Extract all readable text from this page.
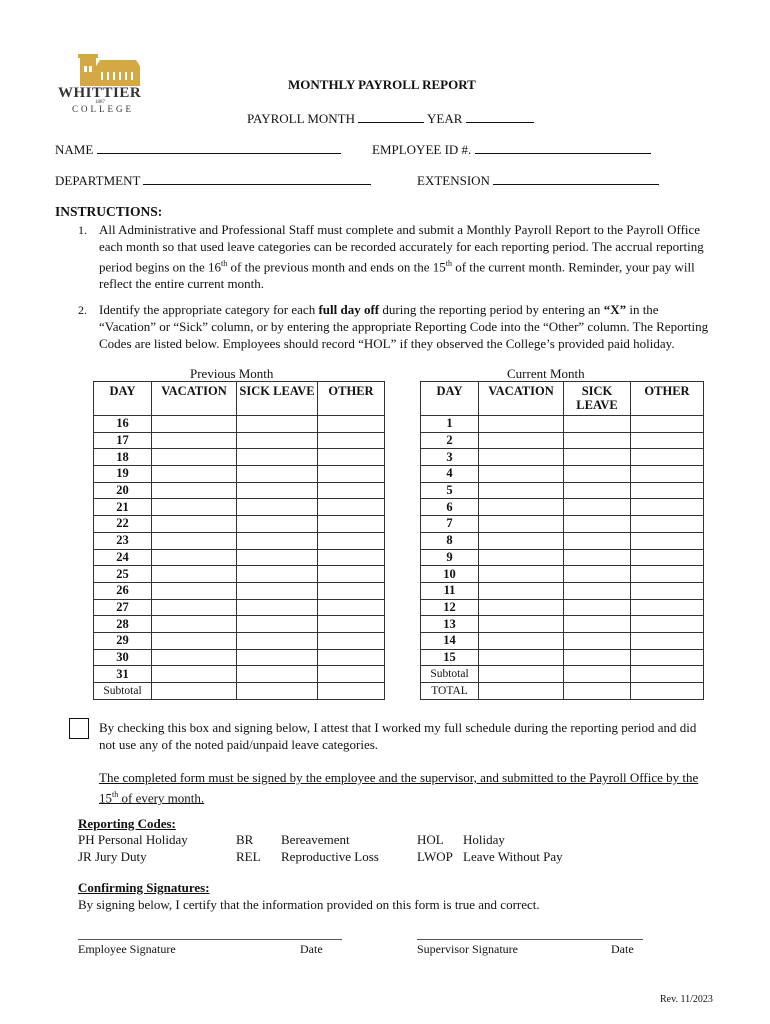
WHITTIER
1887
COLLEGE
MONTHLY PAYROLL REPORT
PAYROLL MONTH	YEAR
NAME	EMPLOYEE ID #.
DEPARTMENT	EXTENSION
INSTRUCTIONS:
1. All Administrative and Professional Staff must complete and submit a Monthly Payroll Report to the Payroll Office each month so that used leave categories can be recorded accurately for each reporting period. The accrual reporting period begins on the 16th of the previous month and ends on the 15th of the current month. Reminder, your pay will reflect the entire current month.
2. Identify the appropriate category for each full day off during the reporting period by entering an “X” in the “Vacation” or “Sick” column, or by entering the appropriate Reporting Code into the “Other” column. The Reporting Codes are listed below. Employees should record “HOL” if they observed the College’s provided paid holiday.
Previous Month	Current Month
DAY	VACATION	SICK LEAVE	OTHER
16			
17			
18			
19			
20			
21			
22			
23			
24			
25			
26			
27			
28			
29			
30			
31			
Subtotal			
DAY	VACATION	SICK LEAVE	OTHER
1			
2			
3			
4			
5			
6			
7			
8			
9			
10			
11			
12			
13			
14			
15			
Subtotal			
TOTAL			
By checking this box and signing below, I attest that I worked my full schedule during the reporting period and did not use any of the noted paid/unpaid leave categories.
The completed form must be signed by the employee and the supervisor, and submitted to the Payroll Office by the 15th of every month.
Reporting Codes:
PH Personal Holiday
JR Jury Duty
BR Bereavement
REL Reproductive Loss
HOL Holiday
LWOP Leave Without Pay
Confirming Signatures:
By signing below, I certify that the information provided on this form is true and correct.
Employee Signature	Date	Supervisor Signature	Date
Rev. 11/2023
